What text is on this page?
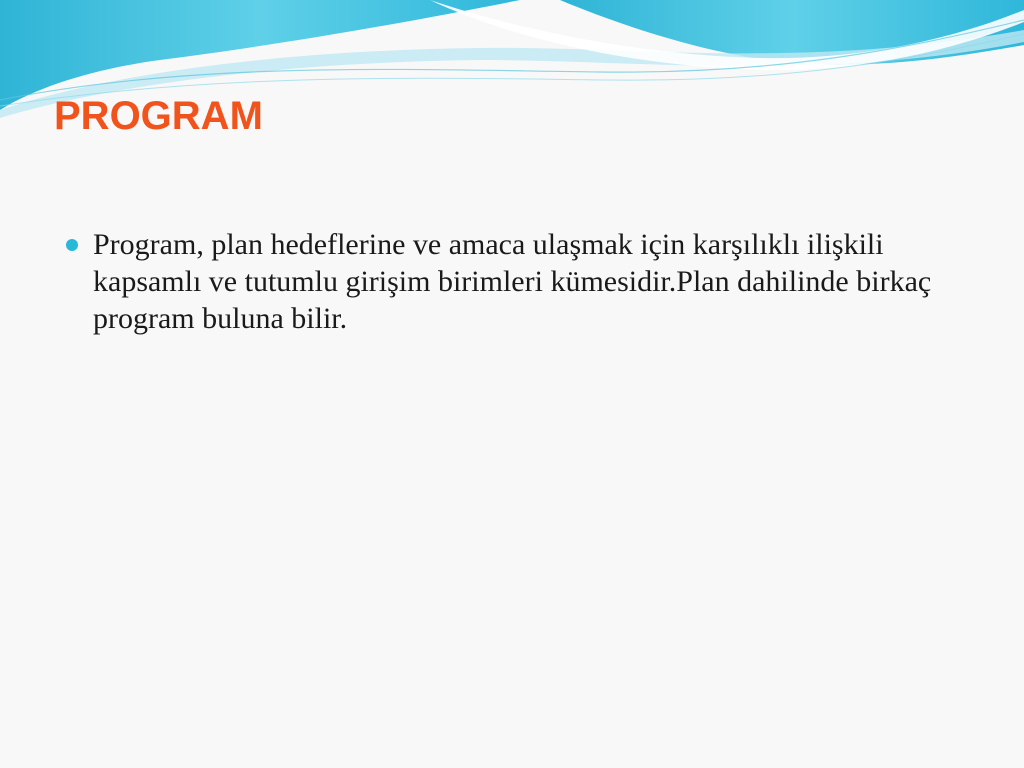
PROGRAM
Program, plan hedeflerine ve amaca ulaşmak için karşılıklı ilişkili kapsamlı ve tutumlu girişim birimleri kümesidir.Plan dahilinde birkaç program buluna bilir.
